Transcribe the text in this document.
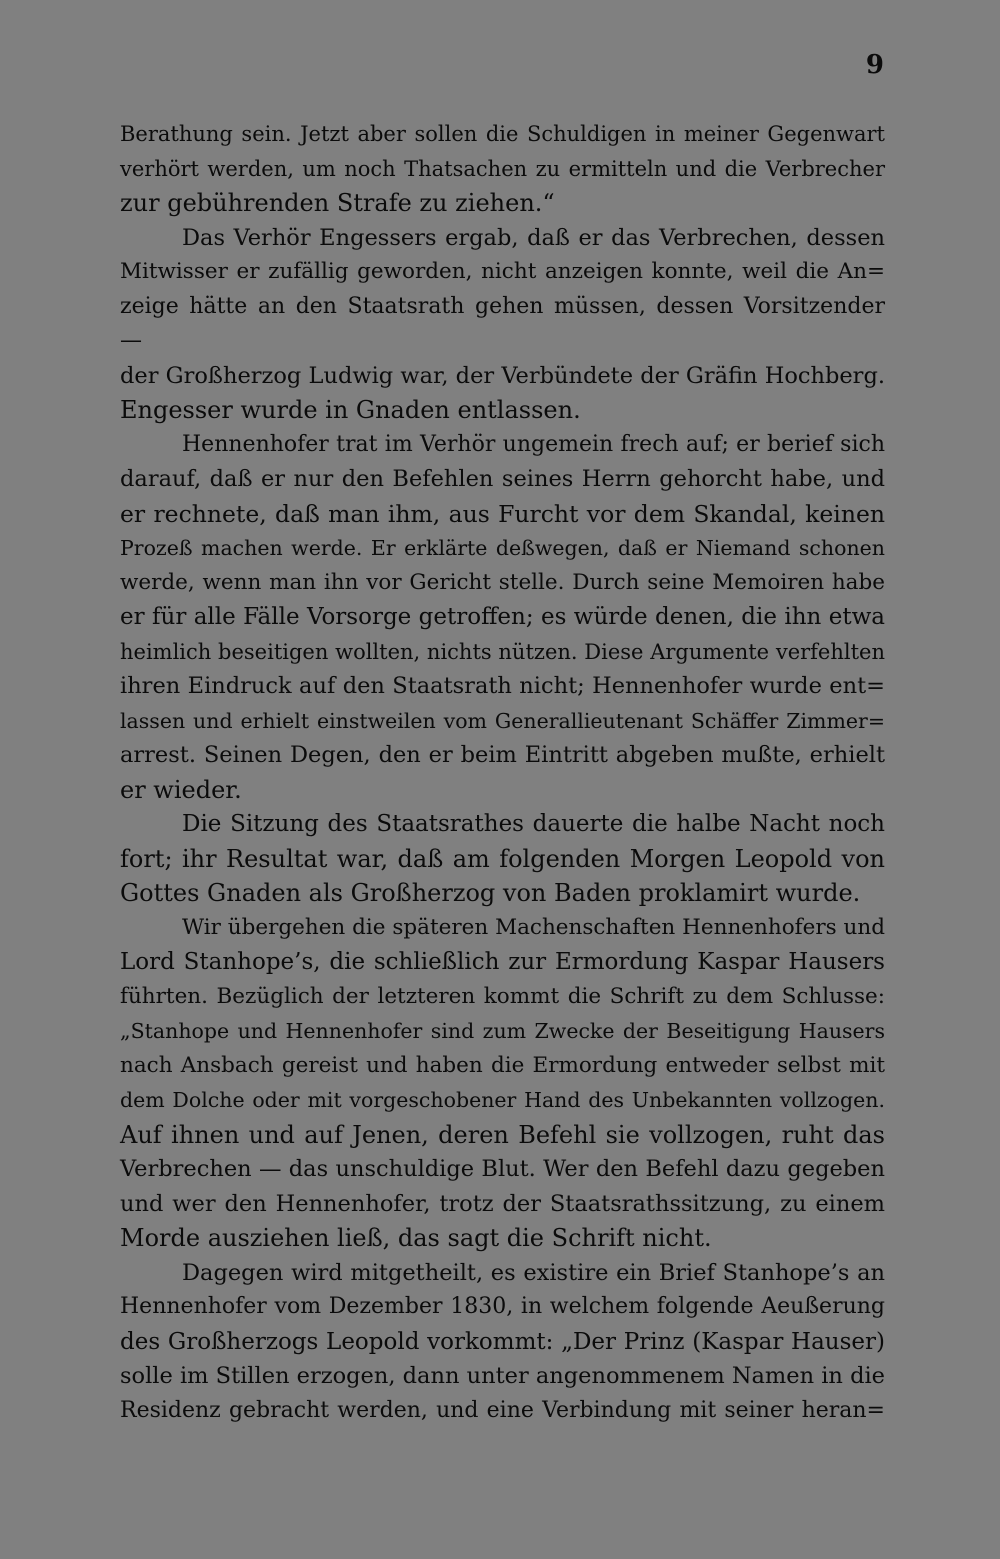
9
Berathung sein. Jetzt aber sollen die Schuldigen in meiner Gegenwart
verhört werden, um noch Thatsachen zu ermitteln und die Verbrecher
zur gebührenden Strafe zu ziehen.“
Das Verhör Engessers ergab, daß er das Verbrechen, dessen
Mitwisser er zufällig geworden, nicht anzeigen konnte, weil die An=
zeige hätte an den Staatsrath gehen müssen, dessen Vorsitzender —
der Großherzog Ludwig war, der Verbündete der Gräfin Hochberg.
Engesser wurde in Gnaden entlassen.
Hennenhofer trat im Verhör ungemein frech auf; er berief sich
darauf, daß er nur den Befehlen seines Herrn gehorcht habe, und
er rechnete, daß man ihm, aus Furcht vor dem Skandal, keinen
Prozeß machen werde. Er erklärte deßwegen, daß er Niemand schonen
werde, wenn man ihn vor Gericht stelle. Durch seine Memoiren habe
er für alle Fälle Vorsorge getroffen; es würde denen, die ihn etwa
heimlich beseitigen wollten, nichts nützen. Diese Argumente verfehlten
ihren Eindruck auf den Staatsrath nicht; Hennenhofer wurde ent=
lassen und erhielt einstweilen vom Generallieutenant Schäffer Zimmer=
arrest. Seinen Degen, den er beim Eintritt abgeben mußte, erhielt
er wieder.
Die Sitzung des Staatsrathes dauerte die halbe Nacht noch
fort; ihr Resultat war, daß am folgenden Morgen Leopold von
Gottes Gnaden als Großherzog von Baden proklamirt wurde.
Wir übergehen die späteren Machenschaften Hennenhofers und
Lord Stanhope’s, die schließlich zur Ermordung Kaspar Hausers
führten. Bezüglich der letzteren kommt die Schrift zu dem Schlusse:
„Stanhope und Hennenhofer sind zum Zwecke der Beseitigung Hausers
nach Ansbach gereist und haben die Ermordung entweder selbst mit
dem Dolche oder mit vorgeschobener Hand des Unbekannten vollzogen.
Auf ihnen und auf Jenen, deren Befehl sie vollzogen, ruht das
Verbrechen — das unschuldige Blut. Wer den Befehl dazu gegeben
und wer den Hennenhofer, trotz der Staatsrathssitzung, zu einem
Morde ausziehen ließ, das sagt die Schrift nicht.
Dagegen wird mitgetheilt, es existire ein Brief Stanhope’s an
Hennenhofer vom Dezember 1830, in welchem folgende Aeußerung
des Großherzogs Leopold vorkommt: „Der Prinz (Kaspar Hauser)
solle im Stillen erzogen, dann unter angenommenem Namen in die
Residenz gebracht werden, und eine Verbindung mit seiner heran=
